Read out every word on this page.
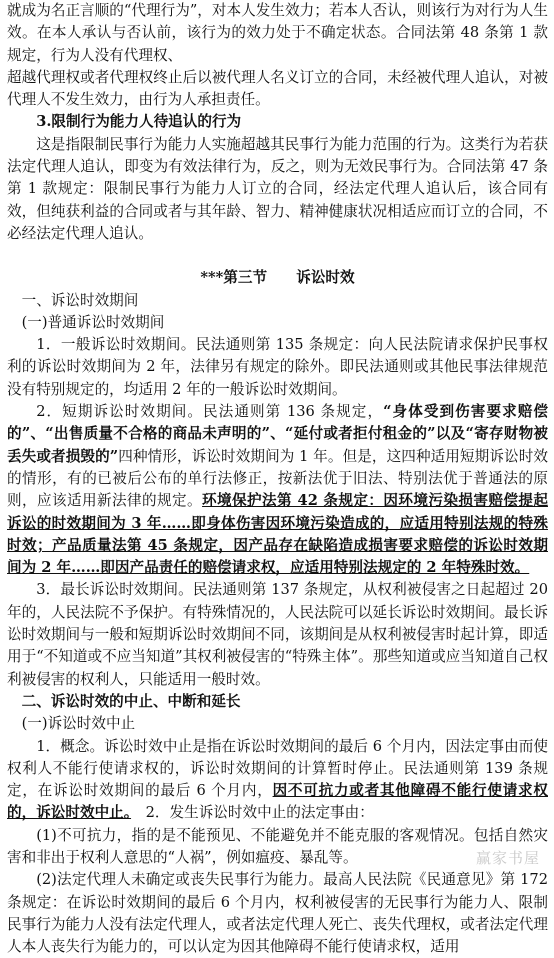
就成为名正言顺的“代理行为”，对本人发生效力；若本人否认，则该行为对行为人生效。在本人承认与否认前，该行为的效力处于不确定状态。合同法第 48 条第 1 款规定，行为人没有代理权、

超越代理权或者代理权终止后以被代理人名义订立的合同，未经被代理人追认，对被代理人不发生效力，由行为人承担责任。

3.限制行为能力人待追认的行为

这是指限制民事行为能力人实施超越其民事行为能力范围的行为。这类行为若获法定代理人追认，即变为有效法律行为，反之，则为无效民事行为。合同法第 47 条第 1 款规定：限制民事行为能力人订立的合同，经法定代理人追认后，该合同有效，但纯获利益的合同或者与其年龄、智力、精神健康状况相适应而订立的合同，不必经法定代理人追认。

***第三节　　诉讼时效

一、诉讼时效期间

(一)普通诉讼时效期间

1．一般诉讼时效期间。民法通则第 135 条规定：向人民法院请求保护民事权利的诉讼时效期间为 2 年，法律另有规定的除外。即民法通则或其他民事法律规范没有特别规定的，均适用 2 年的一般诉讼时效期间。

2．短期诉讼时效期间。民法通则第 136 条规定，“身体受到伤害要求赔偿的”、“出售质量不合格的商品未声明的”、“延付或者拒付租金的”以及“寄存财物被丢失或者损毁的”四种情形，诉讼时效期间为 1 年。但是，这四种适用短期诉讼时效的情形，有的已被后公布的单行法修正，按新法优于旧法、特别法优于普通法的原则，应该适用新法律的规定。环境保护法第 42 条规定：因环境污染损害赔偿提起诉讼的时效期间为 3 年……即身体伤害因环境污染造成的，应适用特别法规的特殊时效；产品质量法第 45 条规定，因产品存在缺陷造成损害要求赔偿的诉讼时效期间为 2 年……即因产品责任的赔偿请求权，应适用特别法规定的 2 年特殊时效。

3．最长诉讼时效期间。民法通则第 137 条规定，从权利被侵害之日起超过 20 年的，人民法院不予保护。有特殊情况的，人民法院可以延长诉讼时效期间。最长诉讼时效期间与一般和短期诉讼时效期间不同，该期间是从权利被侵害时起计算，即适用于“不知道或不应当知道”其权利被侵害的“特殊主体”。那些知道或应当知道自己权利被侵害的权利人，只能适用一般时效。

二、诉讼时效的中止、中断和延长

(一)诉讼时效中止

1．概念。诉讼时效中止是指在诉讼时效期间的最后 6 个月内，因法定事由而使权利人不能行使请求权的，诉讼时效期间的计算暂时停止。民法通则第 139 条规定，在诉讼时效期间的最后 6 个月内，因不可抗力或者其他障碍不能行使请求权的，诉讼时效中止。　2．发生诉讼时效中止的法定事由：

(1)不可抗力，指的是不能预见、不能避免并不能克服的客观情况。包括自然灾害和非出于权利人意思的“人祸”，例如瘟疫、暴乱等。

(2)法定代理人未确定或丧失民事行为能力。最高人民法院《民通意见》第 172 条规定：在诉讼时效期间的最后 6 个月内，权利被侵害的无民事行为能力人、限制民事行为能力人没有法定代理人，或者法定代理人死亡、丧失代理权，或者法定代理人本人丧失行为能力的，可以认定为因其他障碍不能行使请求权，适用

赢家书屋
